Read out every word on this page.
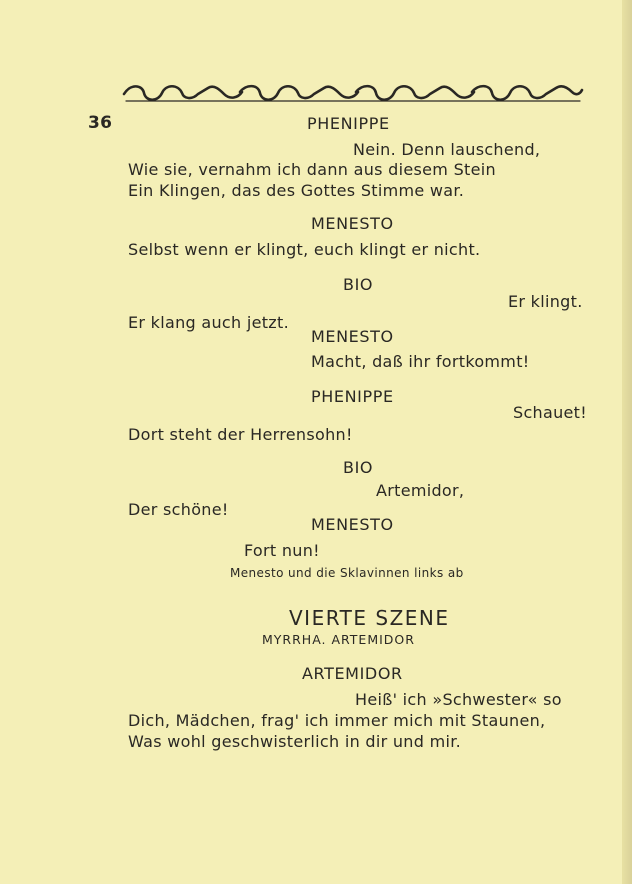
36	PHENIPPE
Nein. Denn lauschend,
Wie sie, vernahm ich dann aus diesem Stein
Ein Klingen, das des Gottes Stimme war.
MENESTO
Selbst wenn er klingt, euch klingt er nicht.
BIO
Er klingt.
Er klang auch jetzt.
MENESTO
Macht, daß ihr fortkommt!
PHENIPPE
Schauet!
Dort steht der Herrensohn!
BIO
Artemidor,
Der schöne!
MENESTO
Fort nun!
Menesto und die Sklavinnen links ab
VIERTE SZENE
MYRRHA. ARTEMIDOR
ARTEMIDOR
Heiß' ich »Schwester« so
Dich, Mädchen, frag' ich immer mich mit Staunen,
Was wohl geschwisterlich in dir und mir.
